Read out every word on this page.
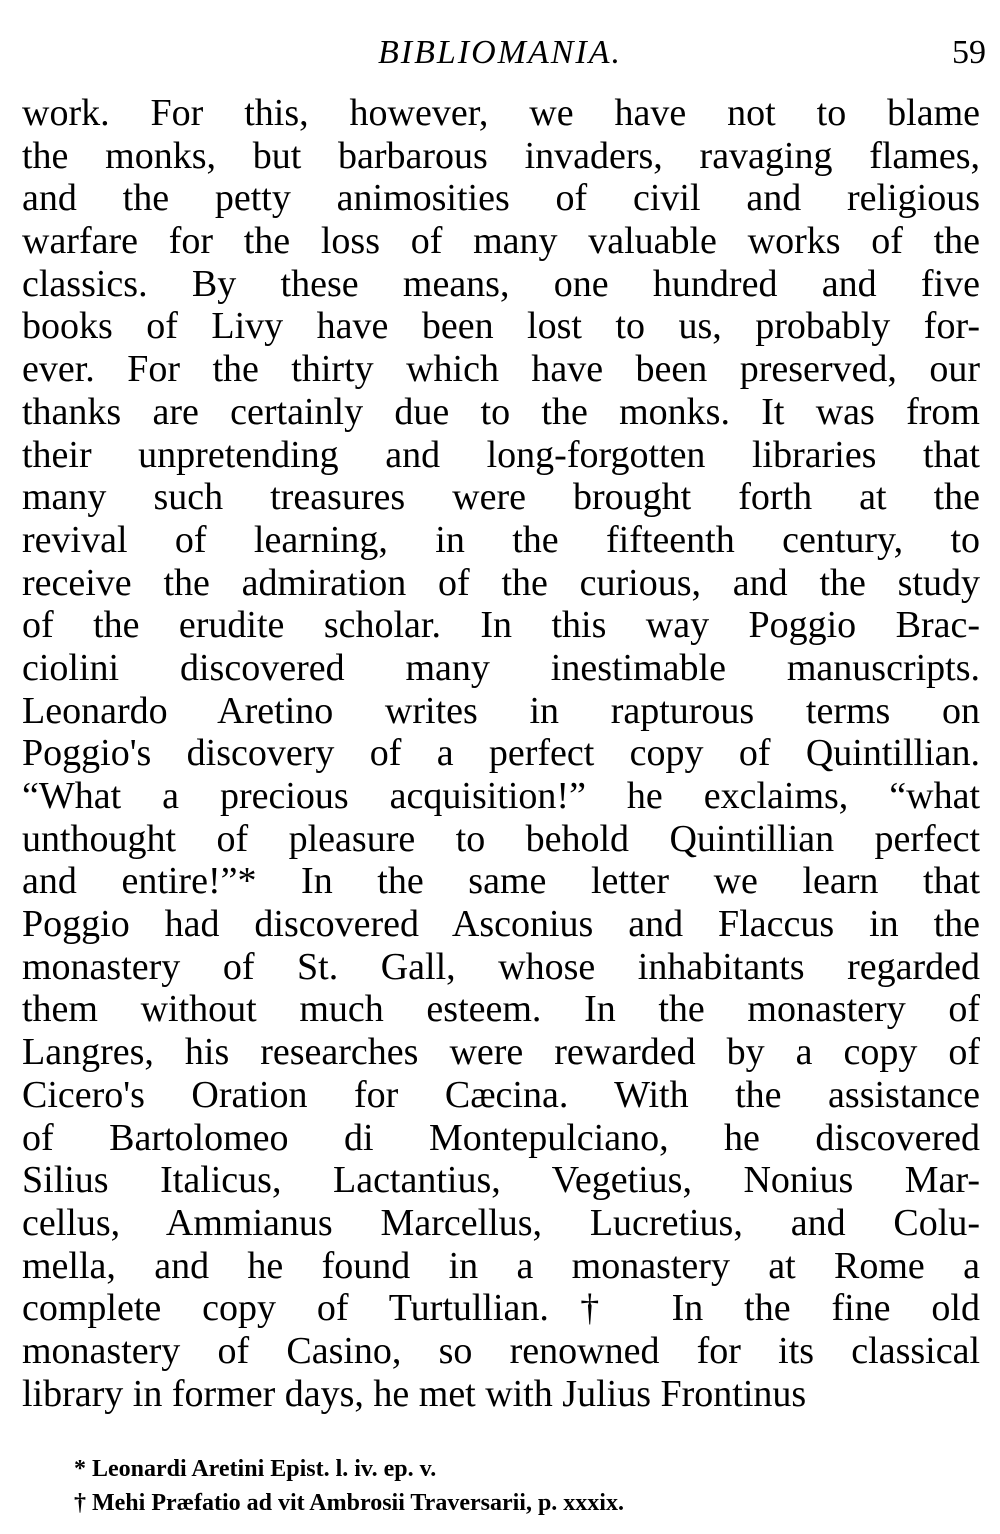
BIBLIOMANIA.	59
work. For this, however, we have not to blame
the monks, but barbarous invaders, ravaging flames,
and the petty animosities of civil and religious
warfare for the loss of many valuable works of the
classics. By these means, one hundred and five
books of Livy have been lost to us, probably for-
ever. For the thirty which have been preserved, our
thanks are certainly due to the monks. It was from
their unpretending and long-forgotten libraries that
many such treasures were brought forth at the
revival of learning, in the fifteenth century, to
receive the admiration of the curious, and the study
of the erudite scholar. In this way Poggio Brac-
ciolini discovered many inestimable manuscripts.
Leonardo Aretino writes in rapturous terms on
Poggio's discovery of a perfect copy of Quintillian.
“What a precious acquisition!” he exclaims, “what
unthought of pleasure to behold Quintillian perfect
and entire!”* In the same letter we learn that
Poggio had discovered Asconius and Flaccus in the
monastery of St. Gall, whose inhabitants regarded
them without much esteem. In the monastery of
Langres, his researches were rewarded by a copy of
Cicero's Oration for Cæcina. With the assistance
of Bartolomeo di Montepulciano, he discovered
Silius Italicus, Lactantius, Vegetius, Nonius Mar-
cellus, Ammianus Marcellus, Lucretius, and Colu-
mella, and he found in a monastery at Rome a
complete copy of Turtullian.† In the fine old
monastery of Casino, so renowned for its classical
library in former days, he met with Julius Frontinus
* Leonardi Aretini Epist. l. iv. ep. v.
† Mehi Præfatio ad vit Ambrosii Traversarii, p. xxxix.
